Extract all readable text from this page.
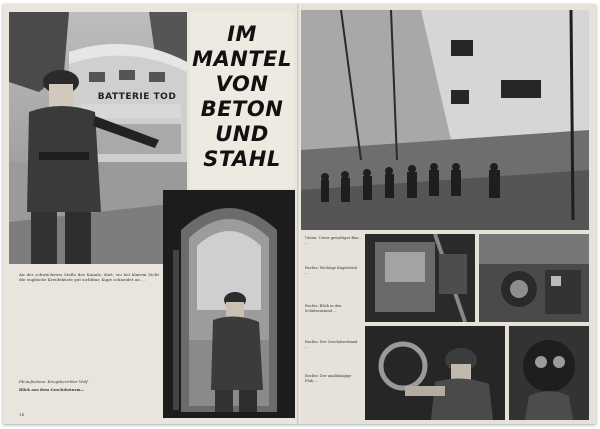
BATTERIE TOD
IM
MANTEL
VON
BETON
UND
STAHL
An der schwächsten Stelle des Kanals, dort, wo bei klarem Sicht die englische Kreideküste gut sichtbar, Kupe schneidet an ...
PK-Aufnahme: Kriegsberichter Wolf
Blick aus dem Geschützturm...
14
Unten: Unser gewaltiger Bau ...
Rechts: Wichtige Kugelstück ...
Rechts: Blick in den Schützenstand ...
Rechts: Der Geschützerband ...
Rechts: Der unabhängige Flak ...
